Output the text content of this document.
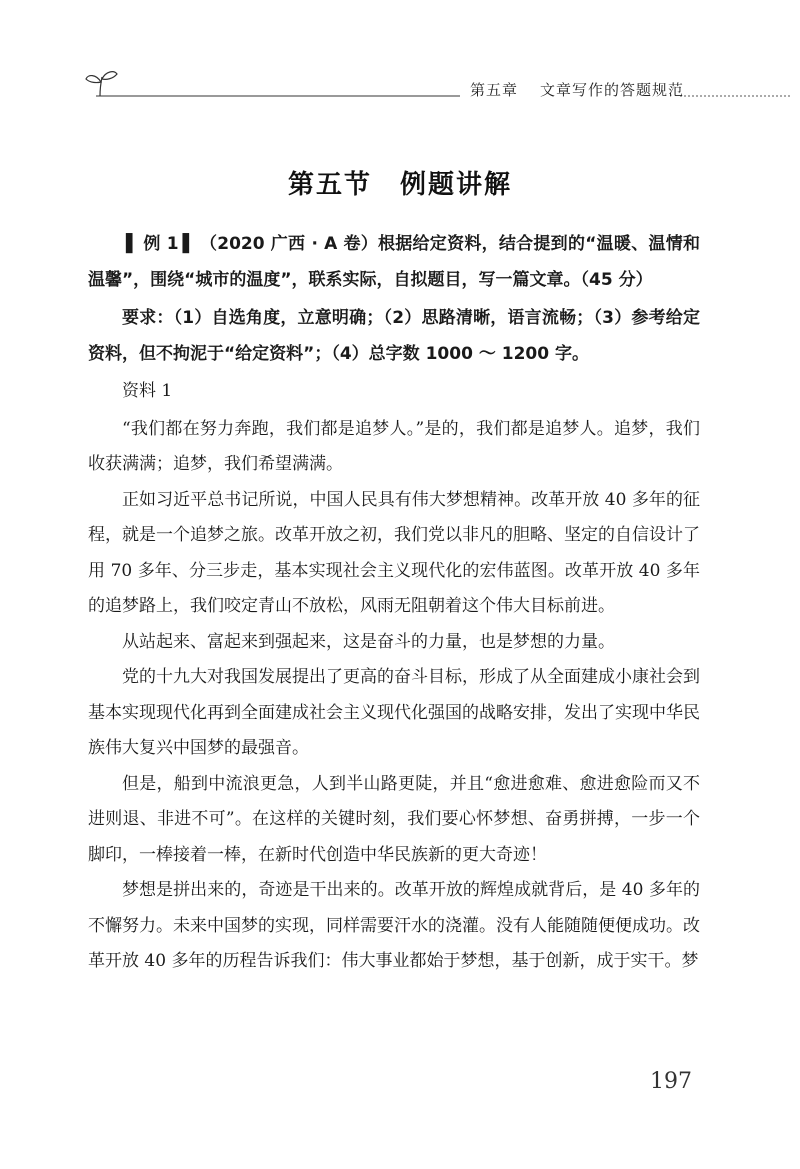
第五章 文章写作的答题规范
第五节 例题讲解

▌ 例 1 ▌ （2020 广西 · A 卷）根据给定资料，结合提到的“温暖、温情和温馨”，围绕“城市的温度”，联系实际，自拟题目，写一篇文章。（45 分）

要求：（1）自选角度，立意明确；（2）思路清晰，语言流畅；（3）参考给定资料，但不拘泥于“给定资料”；（4）总字数 1000 ～ 1200 字。

资料 1

“我们都在努力奔跑，我们都是追梦人。”是的，我们都是追梦人。追梦，我们收获满满；追梦，我们希望满满。

正如习近平总书记所说，中国人民具有伟大梦想精神。改革开放 40 多年的征程，就是一个追梦之旅。改革开放之初，我们党以非凡的胆略、坚定的自信设计了用 70 多年、分三步走，基本实现社会主义现代化的宏伟蓝图。改革开放 40 多年的追梦路上，我们咬定青山不放松，风雨无阻朝着这个伟大目标前进。

从站起来、富起来到强起来，这是奋斗的力量，也是梦想的力量。

党的十九大对我国发展提出了更高的奋斗目标，形成了从全面建成小康社会到基本实现现代化再到全面建成社会主义现代化强国的战略安排，发出了实现中华民族伟大复兴中国梦的最强音。

但是，船到中流浪更急，人到半山路更陡，并且“愈进愈难、愈进愈险而又不进则退、非进不可”。在这样的关键时刻，我们要心怀梦想、奋勇拼搏，一步一个脚印，一棒接着一棒，在新时代创造中华民族新的更大奇迹！

梦想是拼出来的，奇迹是干出来的。改革开放的辉煌成就背后，是 40 多年的不懈努力。未来中国梦的实现，同样需要汗水的浇灌。没有人能随随便便成功。改革开放 40 多年的历程告诉我们：伟大事业都始于梦想，基于创新，成于实干。梦

197
